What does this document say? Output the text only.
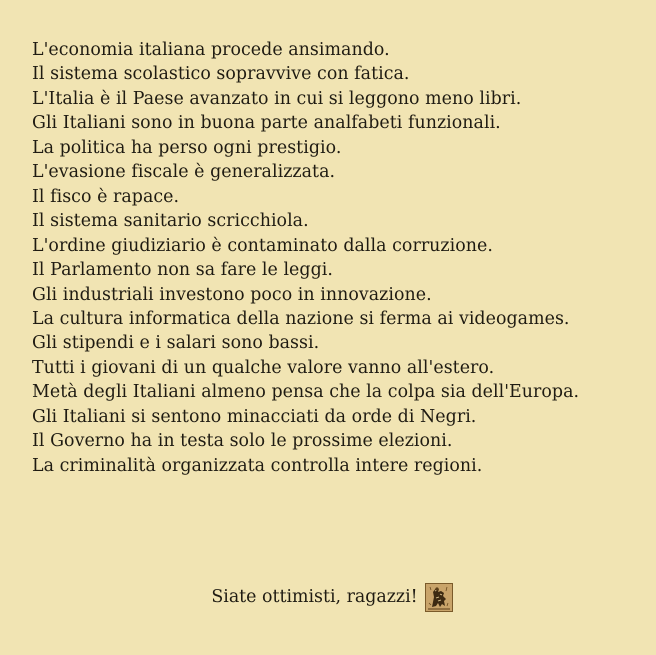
L'economia italiana procede ansimando.

Il sistema scolastico sopravvive con fatica.

L'Italia è il Paese avanzato in cui si leggono meno libri.

Gli Italiani sono in buona parte analfabeti funzionali.

La politica ha perso ogni prestigio.

L'evasione fiscale è generalizzata.

Il fisco è rapace.

Il sistema sanitario scricchiola.

L'ordine giudiziario è contaminato dalla corruzione.

Il Parlamento non sa fare le leggi.

Gli industriali investono poco in innovazione.

La cultura informatica della nazione si ferma ai videogames.

Gli stipendi e i salari sono bassi.

Tutti i giovani di un qualche valore vanno all'estero.

Metà degli Italiani almeno pensa che la colpa sia dell'Europa.

Gli Italiani si sentono minacciati da orde di Negri.

Il Governo ha in testa solo le prossime elezioni.

La criminalità organizzata controlla intere regioni.

Siate ottimisti, ragazzi!
